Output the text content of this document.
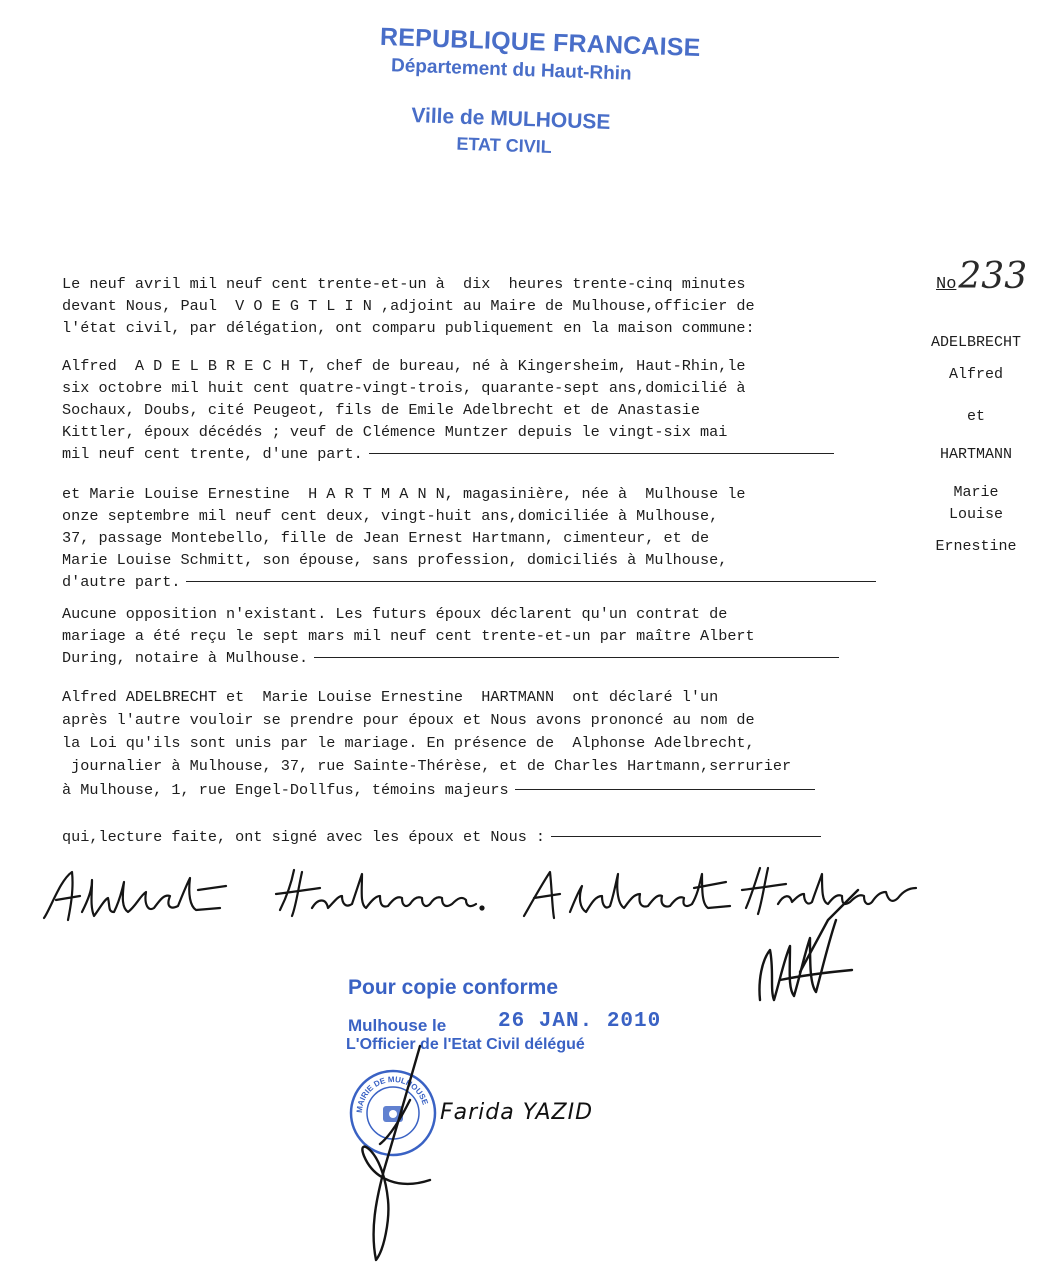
REPUBLIQUE FRANCAISE
Département du Haut-Rhin
Ville de MULHOUSE
ETAT CIVIL
No233
ADELBRECHT
Alfred
et
HARTMANN
Marie
Louise
Ernestine
Le neuf avril mil neuf cent trente-et-un à  dix  heures trente-cinq minutes
devant Nous, Paul  V O E G T L I N ,adjoint au Maire de Mulhouse,officier de
l'état civil, par délégation, ont comparu publiquement en la maison commune:
Alfred  A D E L B R E C H T, chef de bureau, né à Kingersheim, Haut-Rhin,le
six octobre mil huit cent quatre-vingt-trois, quarante-sept ans,domicilié à
Sochaux, Doubs, cité Peugeot, fils de Emile Adelbrecht et de Anastasie
Kittler, époux décédés ; veuf de Clémence Muntzer depuis le vingt-six mai
mil neuf cent trente, d'une part.
et Marie Louise Ernestine  H A R T M A N N, magasinière, née à  Mulhouse le
onze septembre mil neuf cent deux, vingt-huit ans,domiciliée à Mulhouse,
37, passage Montebello, fille de Jean Ernest Hartmann, cimenteur, et de
Marie Louise Schmitt, son épouse, sans profession, domiciliés à Mulhouse,
d'autre part.
Aucune opposition n'existant. Les futurs époux déclarent qu'un contrat de
mariage a été reçu le sept mars mil neuf cent trente-et-un par maître Albert
During, notaire à Mulhouse.
Alfred ADELBRECHT et  Marie Louise Ernestine  HARTMANN  ont déclaré l'un
après l'autre vouloir se prendre pour époux et Nous avons prononcé au nom de
la Loi qu'ils sont unis par le mariage. En présence de  Alphonse Adelbrecht,
journalier à Mulhouse, 37, rue Sainte-Thérèse, et de Charles Hartmann,serrurier
à Mulhouse, 1, rue Engel-Dollfus, témoins majeurs
qui,lecture faite, ont signé avec les époux et Nous :
Pour copie conforme
Mulhouse le 26 JAN. 2010
L'Officier de l'Etat Civil délégué
MAIRIE DE MULHOUSE Farida YAZID
